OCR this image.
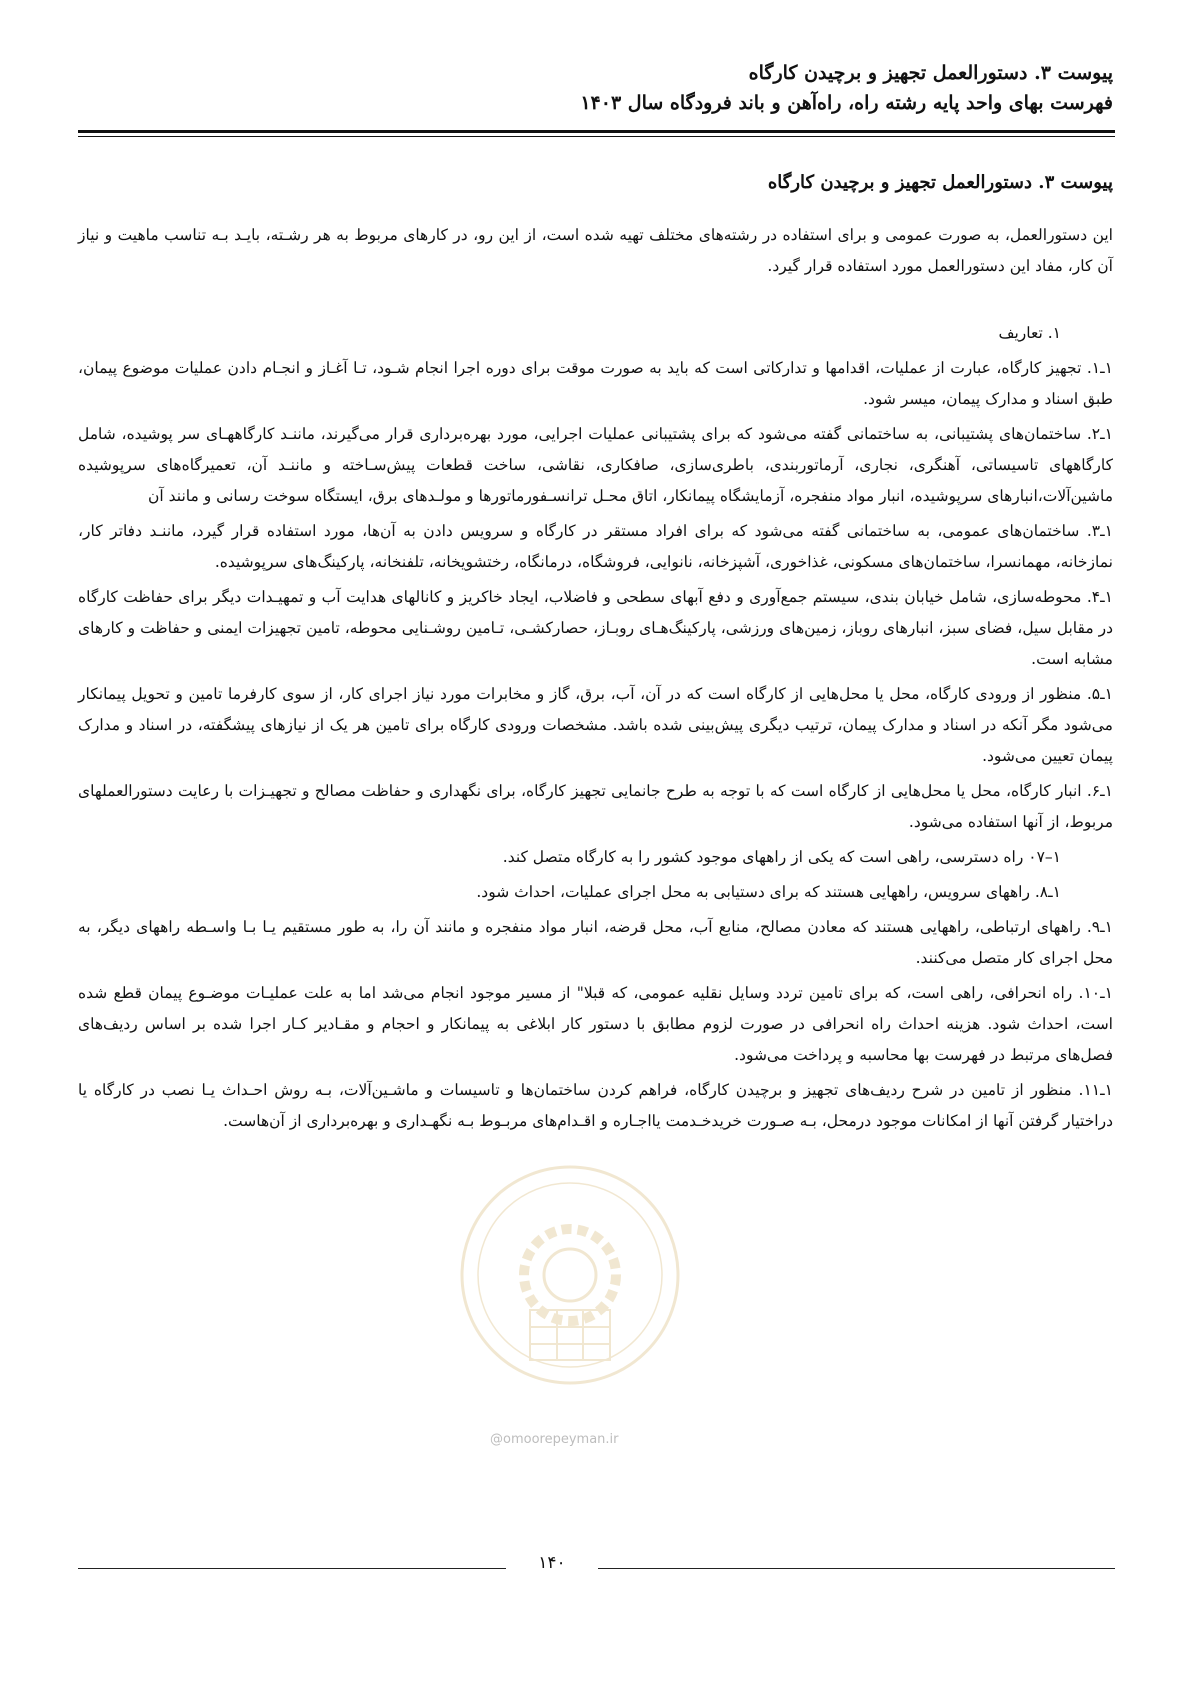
پیوست ۳. دستورالعمل تجهیز و برچیدن کارگاه
فهرست بهای واحد پایه رشته راه، راه‌آهن و باند فرودگاه سال ۱۴۰۳
پیوست ۳. دستورالعمل تجهیز و برچیدن کارگاه

این دستورالعمل، به صورت عمومی و برای استفاده در رشته‌های مختلف تهیه شده است، از این رو، در کارهای مربوط به هر رشـته، بایـد بـه تناسب ماهیت و نیاز آن کار، مفاد این دستورالعمل مورد استفاده قرار گیرد.

۱. تعاریف

۱ـ۱. تجهیز کارگاه، عبارت از عملیات، اقدامها و تدارکاتی است که باید به صورت موقت برای دوره اجرا انجام شـود، تـا آغـاز و انجـام دادن عملیات موضوع پیمان، طبق اسناد و مدارک پیمان، میسر شود.

۱ـ۲. ساختمان‌های پشتیبانی، به ساختمانی گفته می‌شود که برای پشتیبانی عملیات اجرایی، مورد بهره‌برداری قرار می‌گیرند، ماننـد کارگاههـای سر پوشیده، شامل کارگاههای تاسیساتی، آهنگری، نجاری، آرماتوربندی، باطری‌سازی، صافکاری، نقاشی، ساخت قطعات پیش‌سـاخته و ماننـد آن، تعمیرگاه‌های سرپوشیده ماشین‌آلات،انبارهای سرپوشیده، انبار مواد منفجره، آزمایشگاه پیمانکار، اتاق محـل ترانسـفورماتورها و مولـدهای برق، ایستگاه سوخت رسانی و مانند آن

۱ـ۳. ساختمان‌های عمومی، به ساختمانی گفته می‌شود که برای افراد مستقر در کارگاه و سرویس دادن به آن‌ها، مورد استفاده قرار گیرد، ماننـد دفاتر کار، نمازخانه، مهمانسرا، ساختمان‌های مسکونی، غذاخوری، آشپزخانه، نانوایی، فروشگاه، درمانگاه، رختشویخانه، تلفنخانه، پارکینگ‌های سرپوشیده.

۱ـ۴. محوطه‌سازی، شامل خیابان بندی، سیستم جمع‌آوری و دفع آبهای سطحی و فاضلاب، ایجاد خاکریز و کانالهای هدایت آب و تمهیـدات دیگر برای حفاظت کارگاه در مقابل سیل، فضای سبز، انبارهای روباز، زمین‌های ورزشی، پارکینگ‌هـای روبـاز، حصارکشـی، تـامین روشـنایی محوطه، تامین تجهیزات ایمنی و حفاظت و کارهای مشابه است.

۱ـ۵. منظور از ورودی کارگاه، محل یا محل‌هایی از کارگاه است که در آن، آب، برق، گاز و مخابرات مورد نیاز اجرای کار، از سوی کارفرما تامین و تحویل پیمانکار می‌شود مگر آنکه در اسناد و مدارک پیمان، ترتیب دیگری پیش‌بینی شده باشد. مشخصات ورودی کارگاه برای تامین هر یک از نیازهای پیشگفته، در اسناد و مدارک پیمان تعیین می‌شود.

۱ـ۶. انبار کارگاه، محل یا محل‌هایی از کارگاه است که با توجه به طرح جانمایی تجهیز کارگاه، برای نگهداری و حفاظت مصالح و تجهیـزات با رعایت دستورالعملهای مربوط، از آنها استفاده می‌شود.

۱–۰۷ راه دسترسی، راهی است که یکی از راههای موجود کشور را به کارگاه متصل کند.

۱ـ۸. راههای سرویس، راههایی هستند که برای دستیابی به محل اجرای عملیات، احداث شود.

۱ـ۹. راههای ارتباطی، راههایی هستند که معادن مصالح، منابع آب، محل قرضه، انبار مواد منفجره و مانند آن را، به طور مستقیم یـا بـا واسـطه راههای دیگر، به محل اجرای کار متصل می‌کنند.

۱ـ۱۰. راه انحرافی، راهی است، که برای تامین تردد وسایل نقلیه عمومی، که قبلا" از مسیر موجود انجام می‌شد اما به علت عملیـات موضـوع پیمان قطع شده است، احداث شود. هزینه احداث راه انحرافی در صورت لزوم مطابق با دستور کار ابلاغی به پیمانکار و احجام و مقـادیر کـار اجرا شده بر اساس ردیف‌های فصل‌های مرتبط در فهرست بها محاسبه و پرداخت می‌شود.

۱ـ۱۱. منظور از تامین در شرح ردیف‌های تجهیز و برچیدن کارگاه، فراهم کردن ساختمان‌ها و تاسیسات و ماشـین‌آلات، بـه روش احـداث یـا نصب در کارگاه یا دراختیار گرفتن آنها از امکانات موجود درمحل، بـه صـورت خریدخـدمت یااجـاره و اقـدام‌های مربـوط بـه نگهـداری و بهره‌برداری از آن‌هاست.

@omoorepeyman.ir
۱۴۰
